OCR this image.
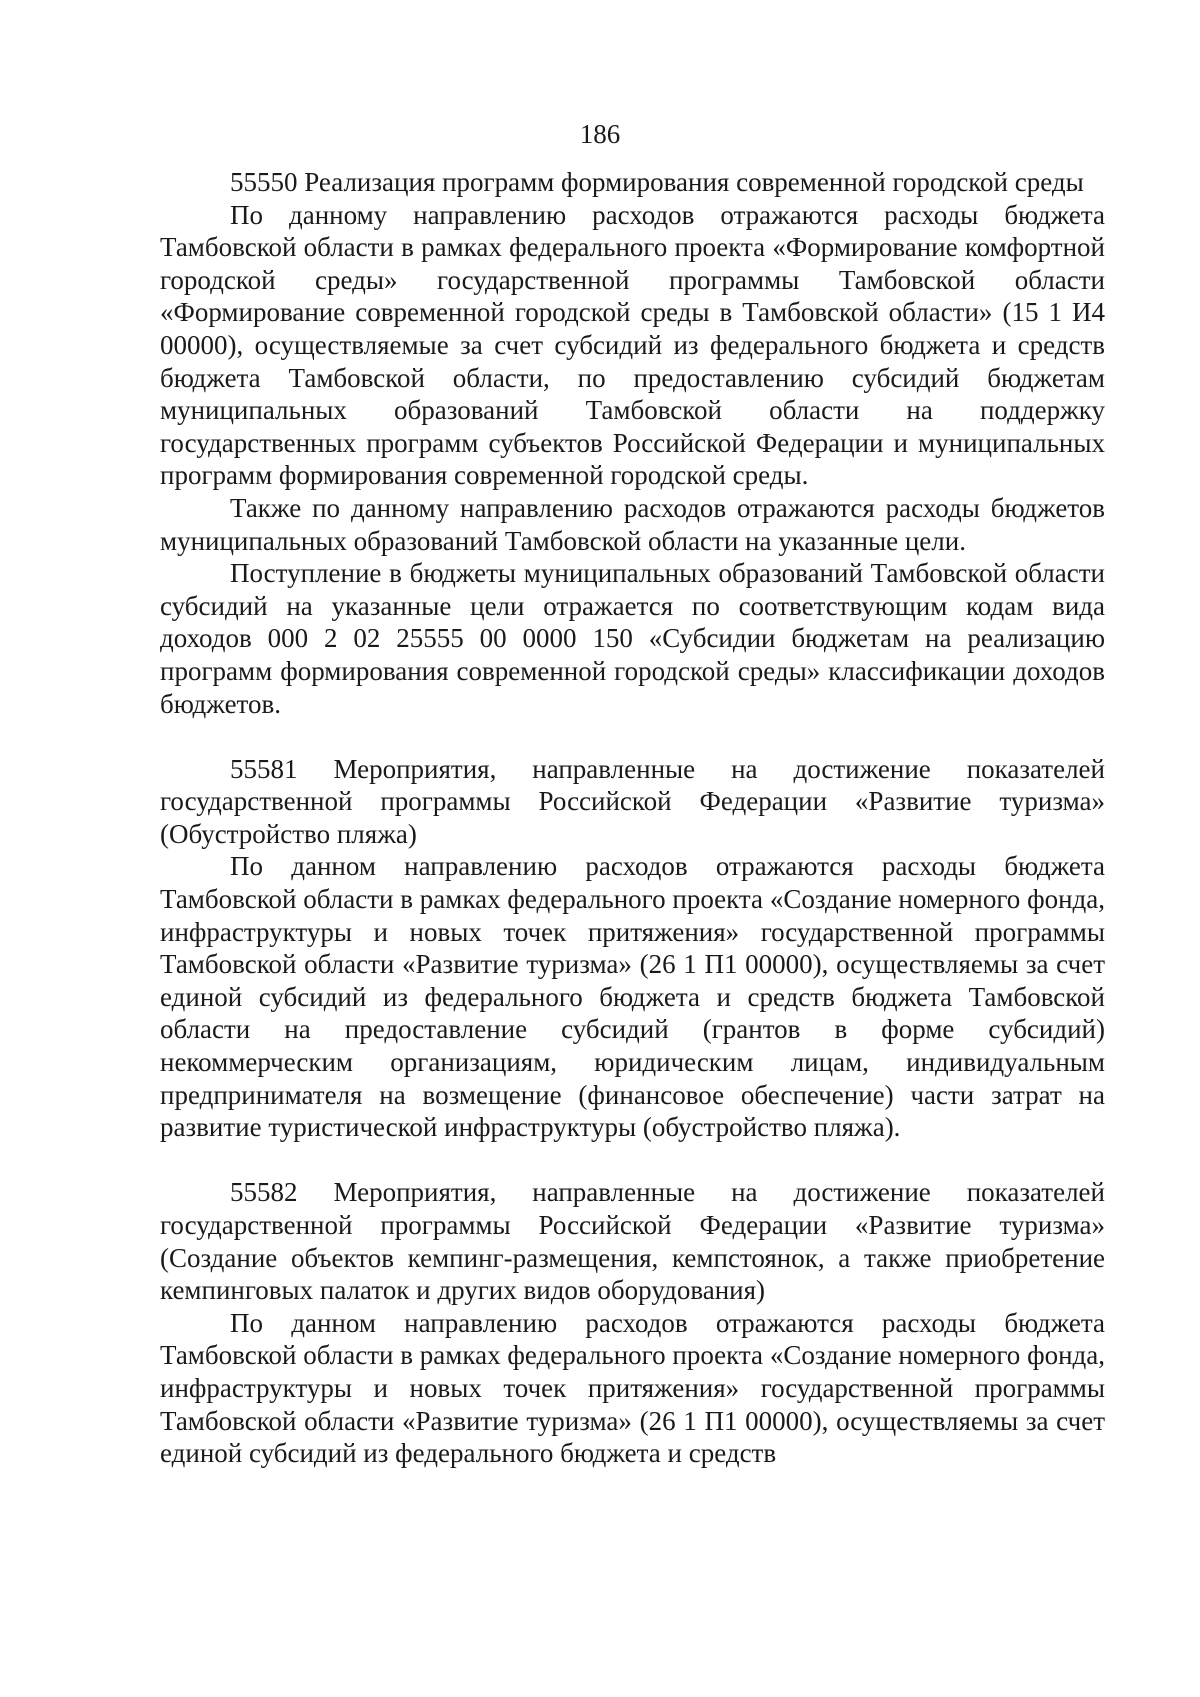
186

55550 Реализация программ формирования современной городской среды

По данному направлению расходов отражаются расходы бюджета Тамбовской области в рамках федерального проекта «Формирование комфортной городской среды» государственной программы Тамбовской области «Формирование современной городской среды в Тамбовской области» (15 1 И4 00000), осуществляемые за счет субсидий из федерального бюджета и средств бюджета Тамбовской области, по предоставлению субсидий бюджетам муниципальных образований Тамбовской области на поддержку государственных программ субъектов Российской Федерации и муниципальных программ формирования современной городской среды.

Также по данному направлению расходов отражаются расходы бюджетов муниципальных образований Тамбовской области на указанные цели.

Поступление в бюджеты муниципальных образований Тамбовской области субсидий на указанные цели отражается по соответствующим кодам вида доходов 000 2 02 25555 00 0000 150 «Субсидии бюджетам на реализацию программ формирования современной городской среды» классификации доходов бюджетов.

55581 Мероприятия, направленные на достижение показателей государственной программы Российской Федерации «Развитие туризма» (Обустройство пляжа)

По данном направлению расходов отражаются расходы бюджета Тамбовской области в рамках федерального проекта «Создание номерного фонда, инфраструктуры и новых точек притяжения» государственной программы Тамбовской области «Развитие туризма» (26 1 П1 00000), осуществляемы за счет единой субсидий из федерального бюджета и средств бюджета Тамбовской области на предоставление субсидий (грантов в форме субсидий) некоммерческим организациям, юридическим лицам, индивидуальным предпринимателя на возмещение (финансовое обеспечение) части затрат на развитие туристической инфраструктуры (обустройство пляжа).

55582 Мероприятия, направленные на достижение показателей государственной программы Российской Федерации «Развитие туризма» (Создание объектов кемпинг-размещения, кемпстоянок, а также приобретение кемпинговых палаток и других видов оборудования)

По данном направлению расходов отражаются расходы бюджета Тамбовской области в рамках федерального проекта «Создание номерного фонда, инфраструктуры и новых точек притяжения» государственной программы Тамбовской области «Развитие туризма» (26 1 П1 00000), осуществляемы за счет единой субсидий из федерального бюджета и средств
